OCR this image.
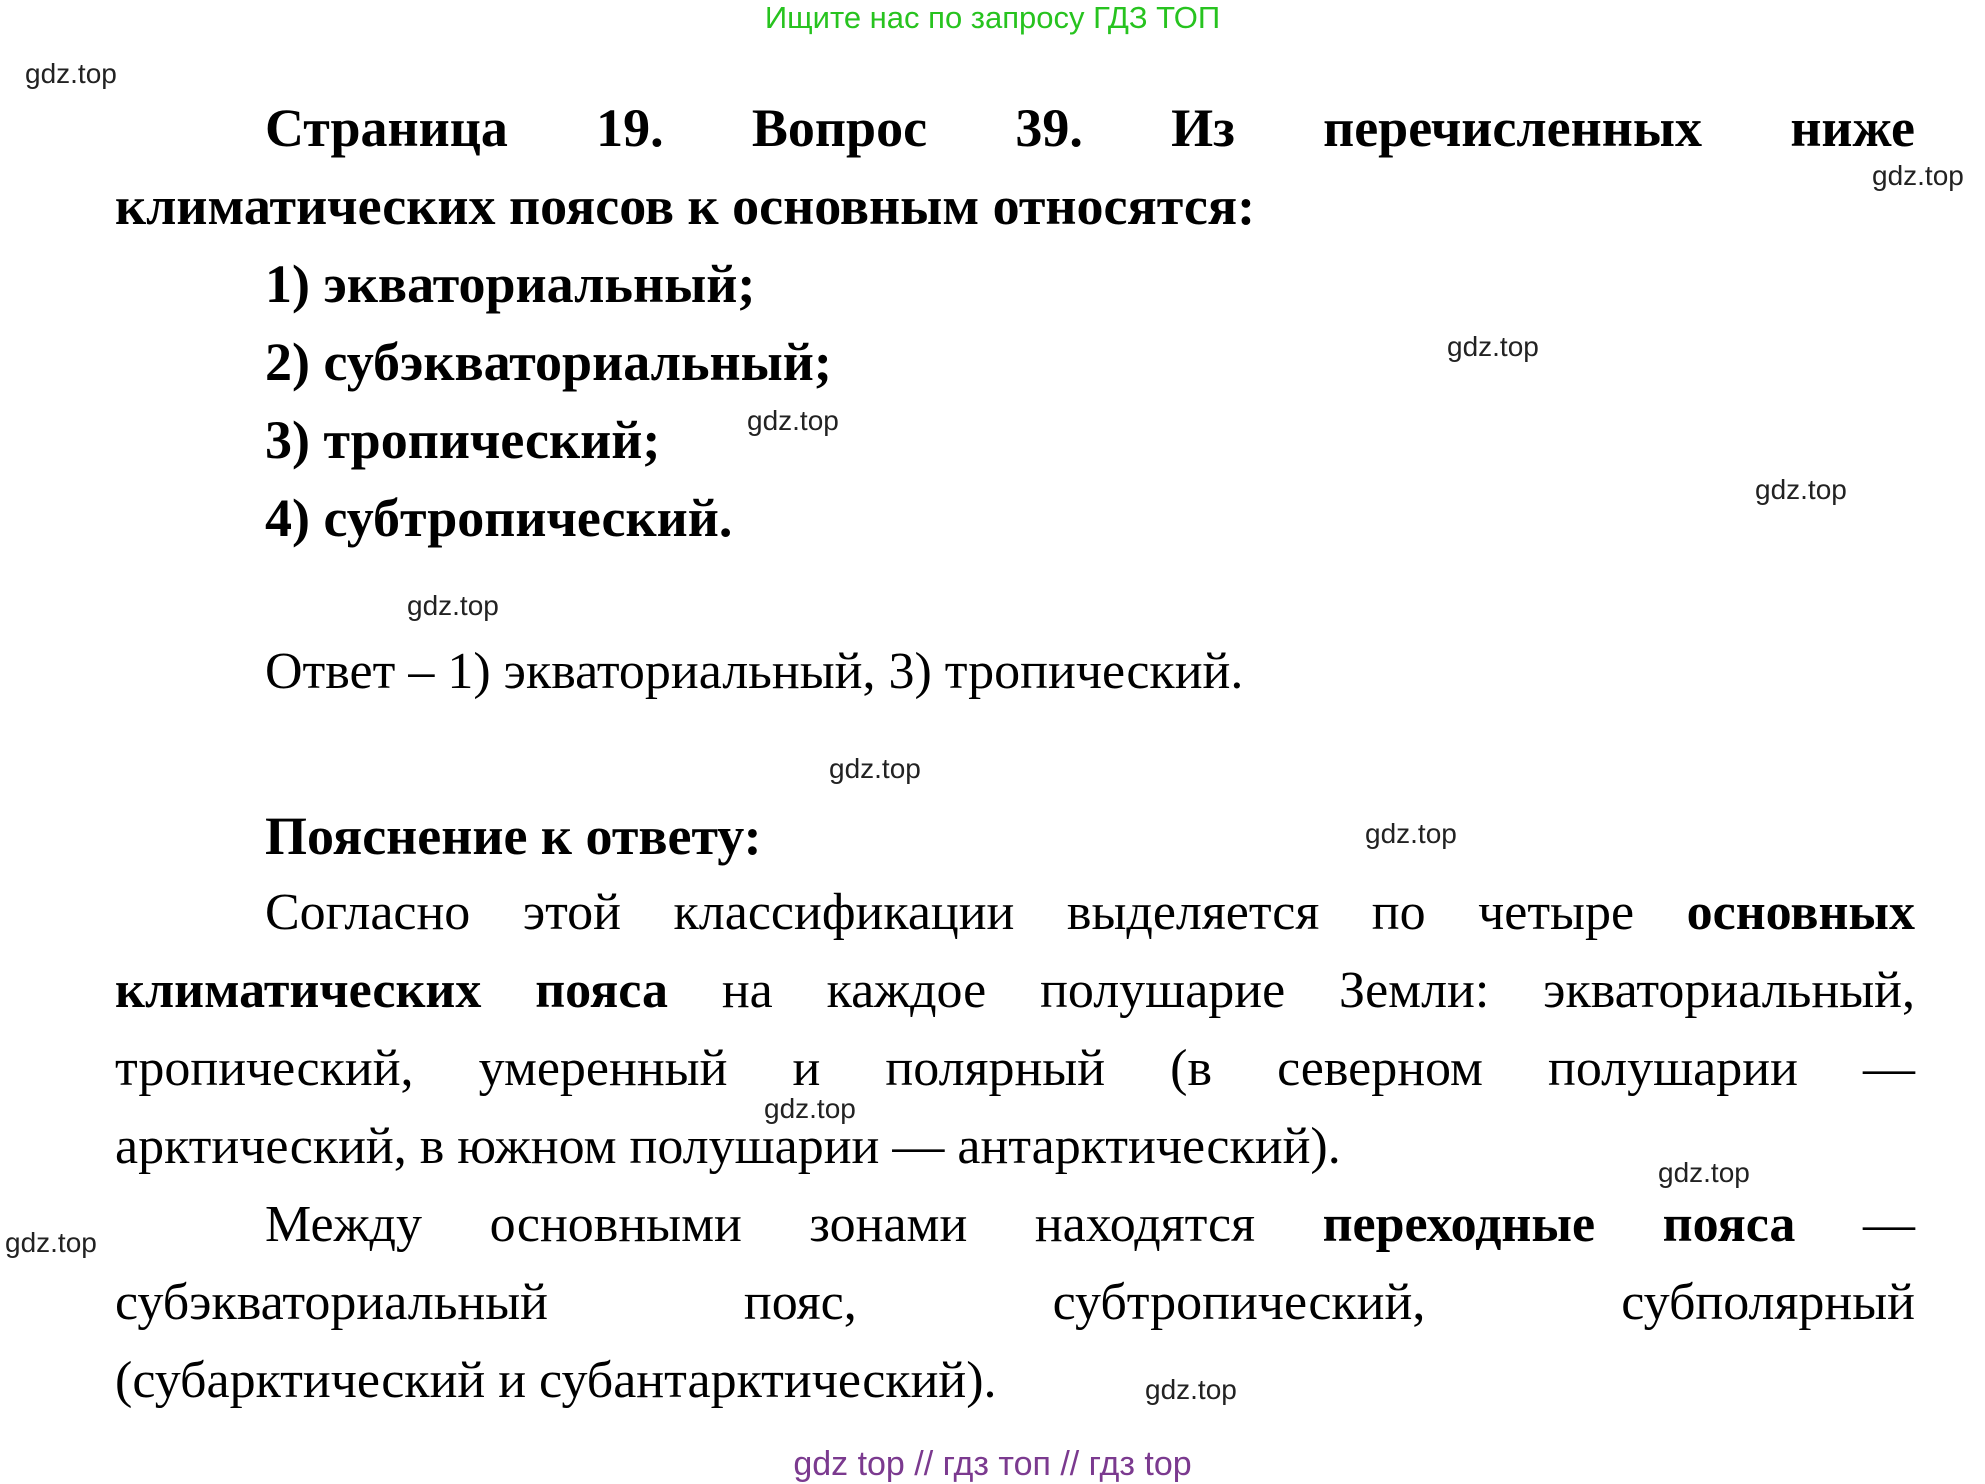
Ищите нас по запросу ГДЗ ТОП
gdz.top
gdz.top
gdz.top
gdz.top
gdz.top
gdz.top
gdz.top
gdz.top
gdz.top
gdz.top
gdz.top
gdz.top
Страница 19. Вопрос 39. Из перечисленных ниже
климатических поясов к основным относятся:
1) экваториальный;
2) субэкваториальный;
3) тропический;
4) субтропический.
Ответ – 1) экваториальный, 3) тропический.
Пояснение к ответу:
Согласно этой классификации выделяется по четыре основных
климатических пояса на каждое полушарие Земли: экваториальный,
тропический, умеренный и полярный (в северном полушарии —
арктический, в южном полушарии — антарктический).
Между основными зонами находятся переходные пояса —
субэкваториальный пояс, субтропический, субполярный
(субарктический и субантарктический).
gdz top // гдз топ // гдз top
